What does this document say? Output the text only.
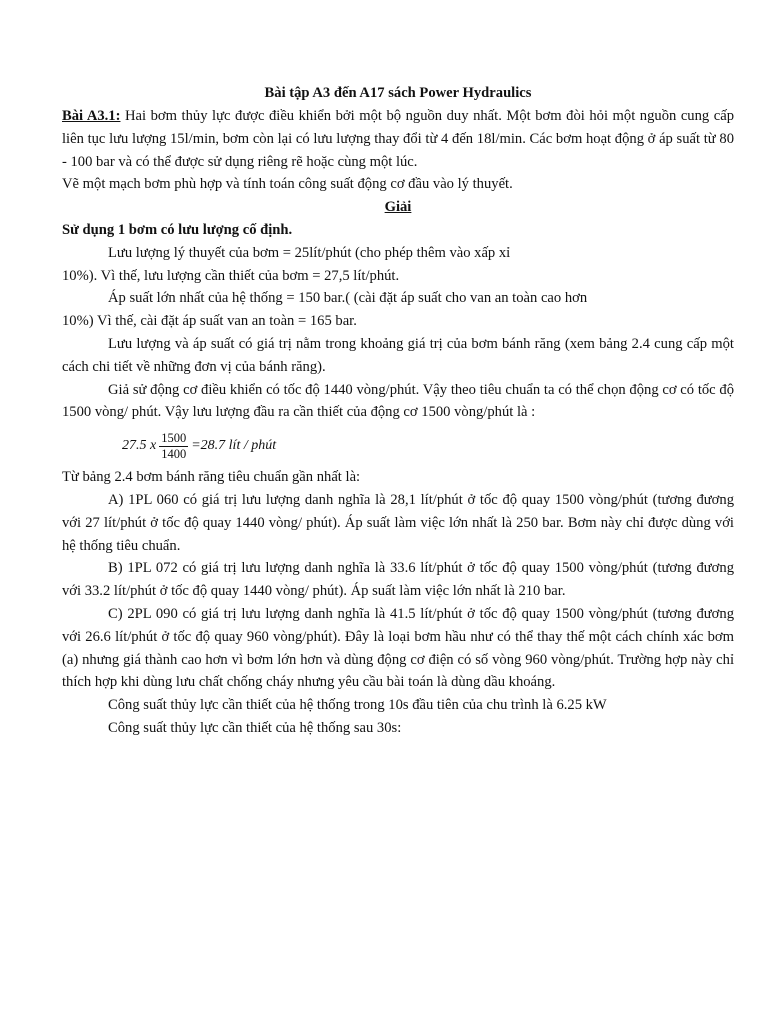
Bài tập A3 đến A17 sách Power Hydraulics

Bài A3.1: Hai bơm thủy lực được điều khiển bởi một bộ nguồn duy nhất. Một bơm đòi hỏi một nguồn cung cấp liên tục lưu lượng 15l/min, bơm còn lại có lưu lượng thay đổi từ 4 đến 18l/min. Các bơm hoạt động ở áp suất từ 80 - 100 bar và có thể được sử dụng riêng rẽ hoặc cùng một lúc.

Vẽ một mạch bơm phù hợp và tính toán công suất động cơ đầu vào lý thuyết.

Giải

Sử dụng 1 bơm có lưu lượng cố định.

Lưu lượng lý thuyết của bơm = 25lít/phút (cho phép thêm vào xấp xỉ

10%). Vì thế, lưu lượng cần thiết của bơm = 27,5 lít/phút.

Áp suất lớn nhất của hệ thống = 150 bar.( (cài đặt áp suất cho van an toàn cao hơn

10%) Vì thế, cài đặt áp suất van an toàn = 165 bar.

Lưu lượng và áp suất có giá trị nằm trong khoảng giá trị của bơm bánh răng (xem bảng 2.4 cung cấp một cách chi tiết về những đơn vị của bánh răng).

Giả sử động cơ điều khiển có tốc độ 1440 vòng/phút. Vậy theo tiêu chuẩn ta có thể chọn động cơ có tốc độ 1500 vòng/ phút. Vậy lưu lượng đầu ra cần thiết của động cơ 1500 vòng/phút là :

27.5 x $\frac{1500}{1400} =28.7$ lít / phút

Từ bảng 2.4 bơm bánh răng tiêu chuẩn gần nhất là:

A) 1PL 060 có giá trị lưu lượng danh nghĩa là 28,1 lít/phút ở tốc độ quay 1500 vòng/phút (tương đương với 27 lít/phút ở tốc độ quay 1440 vòng/ phút). Áp suất làm việc lớn nhất là 250 bar. Bơm này chỉ được dùng với hệ thống tiêu chuẩn.

B) 1PL 072 có giá trị lưu lượng danh nghĩa là 33.6 lít/phút ở tốc độ quay 1500 vòng/phút (tương đương với 33.2 lít/phút ở tốc độ quay 1440 vòng/ phút). Áp suất làm việc lớn nhất là 210 bar.

C) 2PL 090 có giá trị lưu lượng danh nghĩa là 41.5 lít/phút ở tốc độ quay 1500 vòng/phút (tương đương với 26.6 lít/phút ở tốc độ quay 960 vòng/phút). Đây là loại bơm hầu như có thể thay thế một cách chính xác bơm (a) nhưng giá thành cao hơn vì bơm lớn hơn và dùng động cơ điện có số vòng 960 vòng/phút. Trường hợp này chỉ thích hợp khi dùng lưu chất chống cháy nhưng yêu cầu bài toán là dùng dầu khoáng.

Công suất thủy lực cần thiết của hệ thống trong 10s đầu tiên của chu trình là 6.25 kW

Công suất thủy lực cần thiết của hệ thống sau 30s:
